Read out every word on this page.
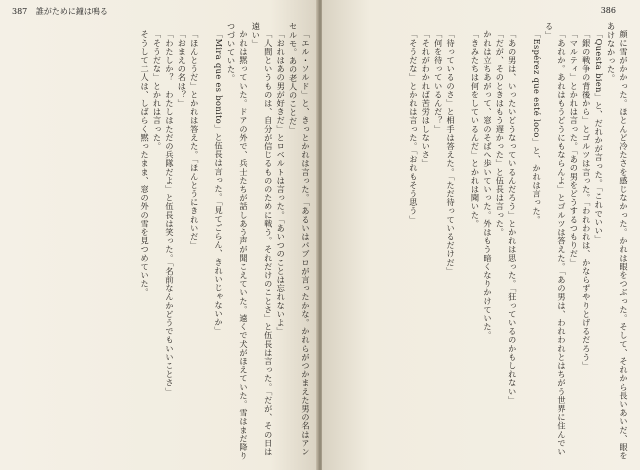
387 誰がために鐘は鳴る

「エル・ソルド」と、きっとかれは言った。「あるいはパブロが言ったかな。かれらがつかまえた男の名はアンセルモ。あの老人のことだ」

「おれはあの男が好きだ」とロベルトは言った。「あいつのことは忘れないよ」

「人間というものは、自分が信じるもののために戦う。それだけのことさ」と伍長は言った。「だが、その日は遠い」

かれは黙っていた。ドアの外で、兵士たちが話しあう声が聞こえていた。遠くで犬がほえていた。雪はまだ降りつづいていた。

「Mira que es bonito」と伍長は言った。「見てごらん、きれいじゃないか」

「ほんとうだ」とかれは答えた。「ほんとうにきれいだ」

「おまえの名は？」

「わたしか？　わたしはただの兵隊だよ」と伍長は笑った。「名前なんかどうでもいいことさ」

「そうだな」とかれは言った。

そうして二人は、しばらく黙ったまま、窓の外の雪を見つめていた。

386

顔に雪がかかった。ほとんど冷たさを感じなかった。かれは眼をつぶった。そして、それから長いあいだ、眼をあけなかった。

「Questa bien」と、だれかが言った。「これでいい」

「銀の戦争の背後から」とゴルツは言った。「われわれは、かならずやりとげるだろう」

「マルティ」とかれは言った。「あの男をどうするつもりだ」

「あれか。あれはもうどうにもならんよ」とゴルツは答えた。「あの男は、われわれとはちがう世界に住んでいる」

「Espérez que esté loco」と、かれは言った。

「あの男は、いったいどうなっているんだろう」とかれは思った。「狂っているのかもしれない」

「だが、そのときはもう遅かった」と伍長は言った。

かれは立ちあがって、窓のそばへ歩いていった。外はもう暗くなりかけていた。

「きみたちは何をしているんだ」とかれは聞いた。

「待っているのさ」と相手は答えた。「ただ待っているだけだ」

「何を待っているんだ？」

「それがわかれば苦労はしないさ」

「そうだな」とかれは言った。「おれもそう思う」
